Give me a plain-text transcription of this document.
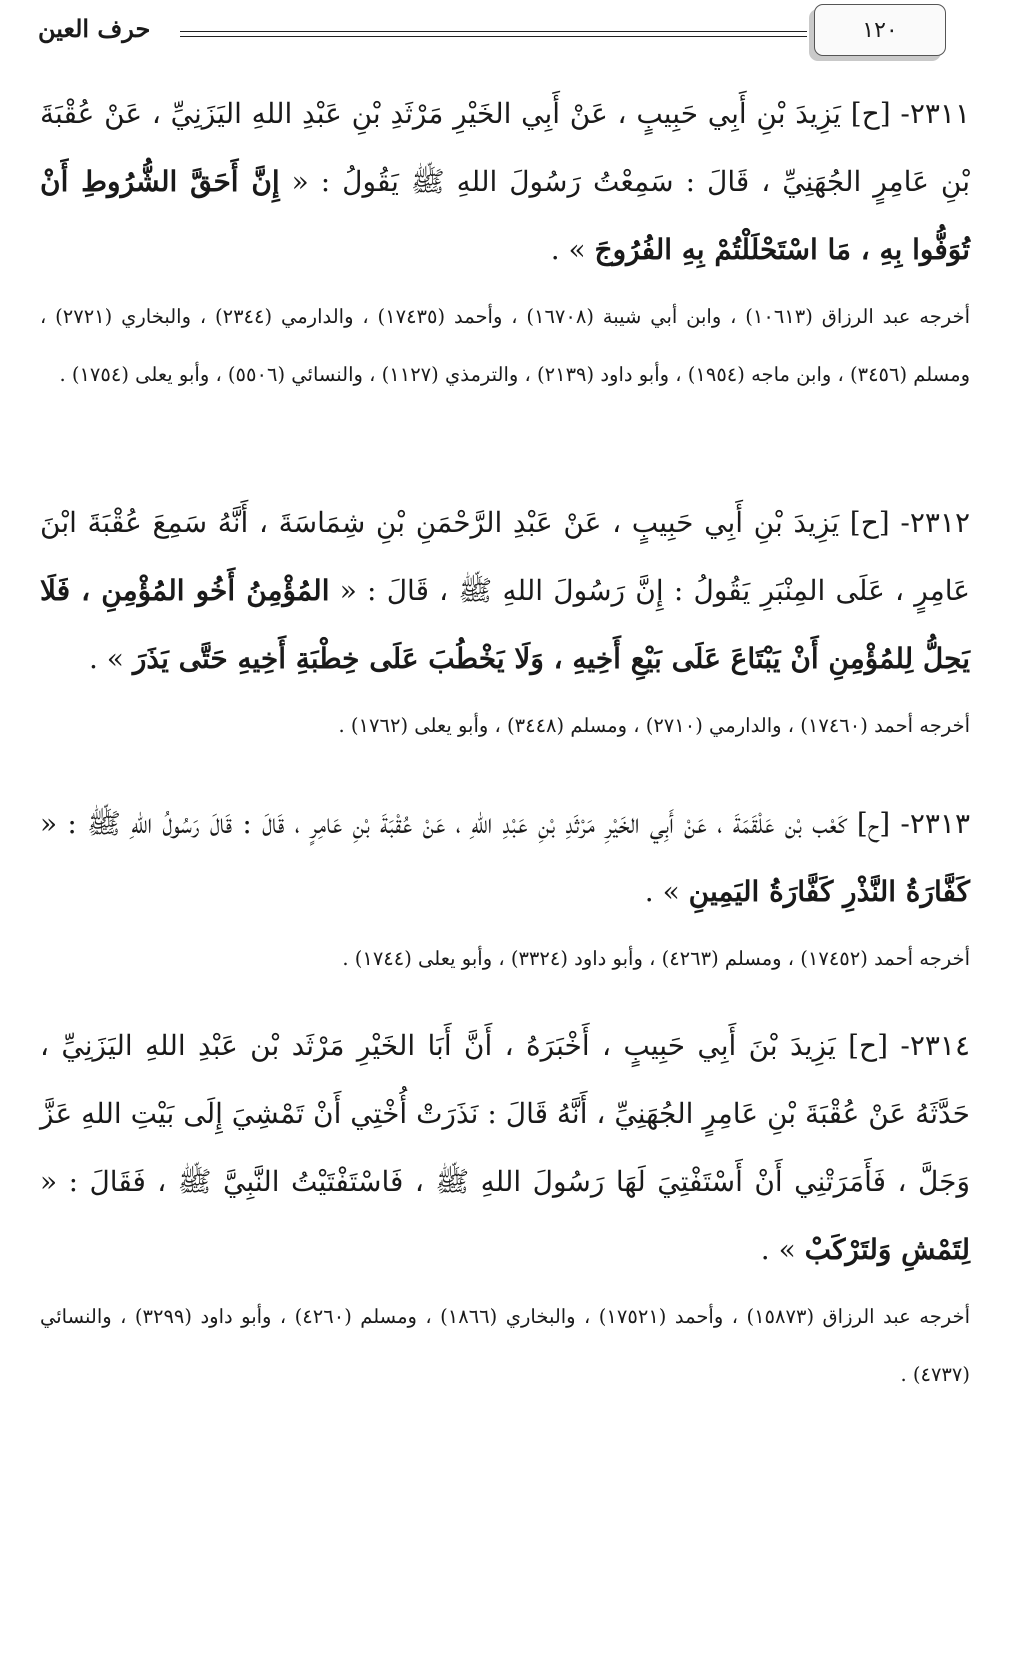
١٢٠
حرف العين

٢٣١١- [ح] يَزِيدَ بْنِ أَبِي حَبِيبٍ ، عَنْ أَبِي الخَيْرِ مَرْثَدِ بْنِ عَبْدِ اللهِ اليَزَنِيِّ ، عَنْ عُقْبَةَ بْنِ عَامِرٍ الجُهَنِيِّ ، قَالَ : سَمِعْتُ رَسُولَ اللهِ ﷺ يَقُولُ : « إِنَّ أَحَقَّ الشُّرُوطِ أَنْ تُوَفُّوا بِهِ ، مَا اسْتَحْلَلْتُمْ بِهِ الفُرُوجَ » .

أخرجه عبد الرزاق (١٠٦١٣) ، وابن أبي شيبة (١٦٧٠٨) ، وأحمد (١٧٤٣٥) ، والدارمي (٢٣٤٤) ، والبخاري (٢٧٢١) ، ومسلم (٣٤٥٦) ، وابن ماجه (١٩٥٤) ، وأبو داود (٢١٣٩) ، والترمذي (١١٢٧) ، والنسائي (٥٥٠٦) ، وأبو يعلى (١٧٥٤) .

٢٣١٢- [ح] يَزِيدَ بْنِ أَبِي حَبِيبٍ ، عَنْ عَبْدِ الرَّحْمَنِ بْنِ شِمَاسَةَ ، أَنَّهُ سَمِعَ عُقْبَةَ ابْنَ عَامِرٍ ، عَلَى المِنْبَرِ يَقُولُ : إِنَّ رَسُولَ اللهِ ﷺ ، قَالَ : « المُؤْمِنُ أَخُو المُؤْمِنِ ، فَلَا يَحِلُّ لِلمُؤْمِنِ أَنْ يَبْتَاعَ عَلَى بَيْعِ أَخِيهِ ، وَلَا يَخْطُبَ عَلَى خِطْبَةِ أَخِيهِ حَتَّى يَذَرَ » .

أخرجه أحمد (١٧٤٦٠) ، والدارمي (٢٧١٠) ، ومسلم (٣٤٤٨) ، وأبو يعلى (١٧٦٢) .

٢٣١٣- [ح] كَعْب بْن عَلْقَمَةَ ، عَنْ أَبِي الخَيْرِ مَرْثَدِ بْنِ عَبْدِ اللهِ ، عَنْ عُقْبَةَ بْنِ عَامِرٍ ، قَالَ : قَالَ رَسُولُ اللهِ ﷺ : « كَفَّارَةُ النَّذْرِ كَفَّارَةُ اليَمِينِ » .

أخرجه أحمد (١٧٤٥٢) ، ومسلم (٤٢٦٣) ، وأبو داود (٣٣٢٤) ، وأبو يعلى (١٧٤٤) .

٢٣١٤- [ح] يَزِيدَ بْنَ أَبِي حَبِيبٍ ، أَخْبَرَهُ ، أَنَّ أَبَا الخَيْرِ مَرْثَد بْن عَبْدِ اللهِ اليَزَنِيِّ ، حَدَّثَهُ عَنْ عُقْبَةَ بْنِ عَامِرٍ الجُهَنِيِّ ، أَنَّهُ قَالَ : نَذَرَتْ أُخْتِي أَنْ تَمْشِيَ إِلَى بَيْتِ اللهِ عَزَّ وَجَلَّ ، فَأَمَرَتْنِي أَنْ أَسْتَفْتِيَ لَهَا رَسُولَ اللهِ ﷺ ، فَاسْتَفْتَيْتُ النَّبِيَّ ﷺ ، فَقَالَ : « لِتَمْشِ وَلتَرْكَبْ » .

أخرجه عبد الرزاق (١٥٨٧٣) ، وأحمد (١٧٥٢١) ، والبخاري (١٨٦٦) ، ومسلم (٤٢٦٠) ، وأبو داود (٣٢٩٩) ، والنسائي (٤٧٣٧) .
